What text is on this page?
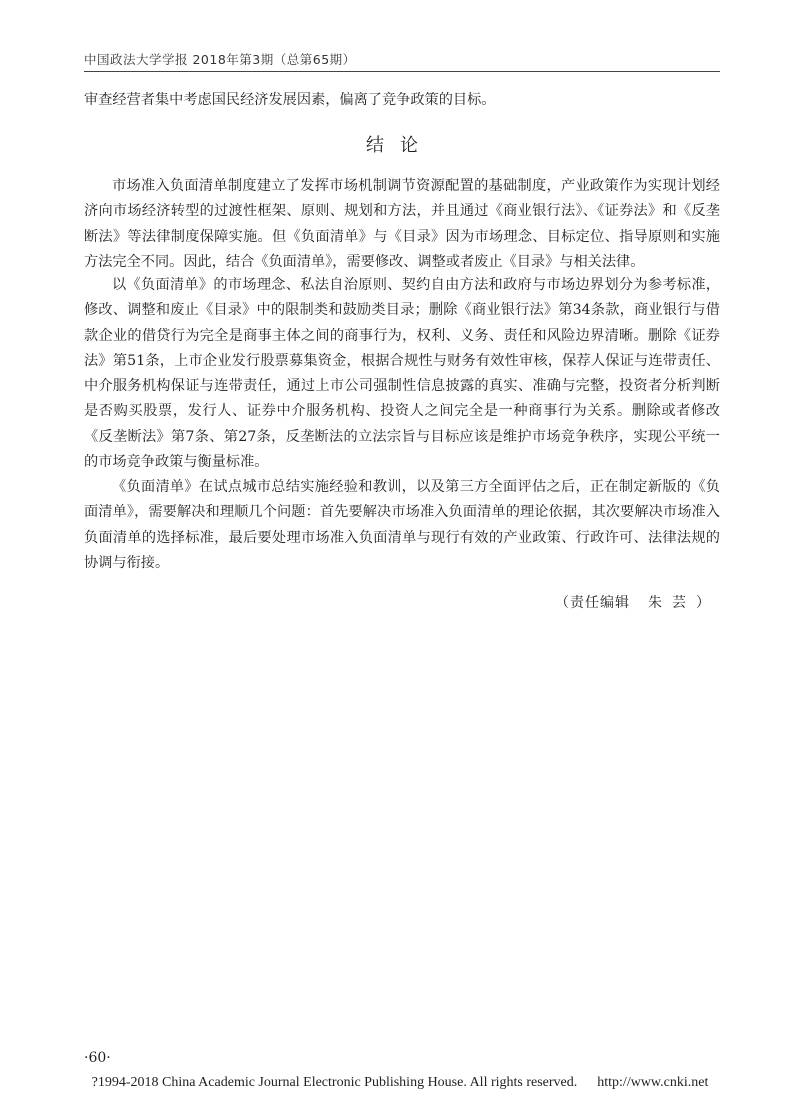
中国政法大学学报 2018年第3期（总第65期）

审查经营者集中考虑国民经济发展因素，偏离了竞争政策的目标。

结论

市场准入负面清单制度建立了发挥市场机制调节资源配置的基础制度，产业政策作为实现计划经济向市场经济转型的过渡性框架、原则、规划和方法，并且通过《商业银行法》、《证券法》和《反垄断法》等法律制度保障实施。但《负面清单》与《目录》因为市场理念、目标定位、指导原则和实施方法完全不同。因此，结合《负面清单》，需要修改、调整或者废止《目录》与相关法律。

以《负面清单》的市场理念、私法自治原则、契约自由方法和政府与市场边界划分为参考标准，修改、调整和废止《目录》中的限制类和鼓励类目录；删除《商业银行法》第34条款，商业银行与借款企业的借贷行为完全是商事主体之间的商事行为，权利、义务、责任和风险边界清晰。删除《证券法》第51条，上市企业发行股票募集资金，根据合规性与财务有效性审核，保荐人保证与连带责任、中介服务机构保证与连带责任，通过上市公司强制性信息披露的真实、准确与完整，投资者分析判断是否购买股票，发行人、证券中介服务机构、投资人之间完全是一种商事行为关系。删除或者修改《反垄断法》第7条、第27条，反垄断法的立法宗旨与目标应该是维护市场竞争秩序，实现公平统一的市场竞争政策与衡量标准。

《负面清单》在试点城市总结实施经验和教训，以及第三方全面评估之后，正在制定新版的《负面清单》，需要解决和理顺几个问题：首先要解决市场准入负面清单的理论依据，其次要解决市场准入负面清单的选择标准，最后要处理市场准入负面清单与现行有效的产业政策、行政许可、法律法规的协调与衔接。

（责任编辑 朱芸）
·60·
?1994-2018 China Academic Journal Electronic Publishing House. All rights reserved. http://www.cnki.net
